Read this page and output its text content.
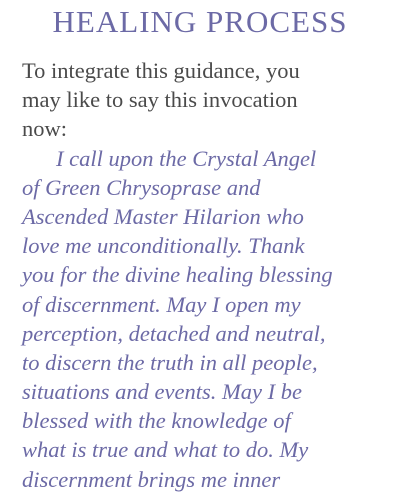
HEALING PROCESS
To integrate this guidance, you
may like to say this invocation
now:
I call upon the Crystal Angel
of Green Chrysoprase and
Ascended Master Hilarion who
love me unconditionally. Thank
you for the divine healing blessing
of discernment. May I open my
perception, detached and neutral,
to discern the truth in all people,
situations and events. May I be
blessed with the knowledge of
what is true and what to do. My
discernment brings me inner
